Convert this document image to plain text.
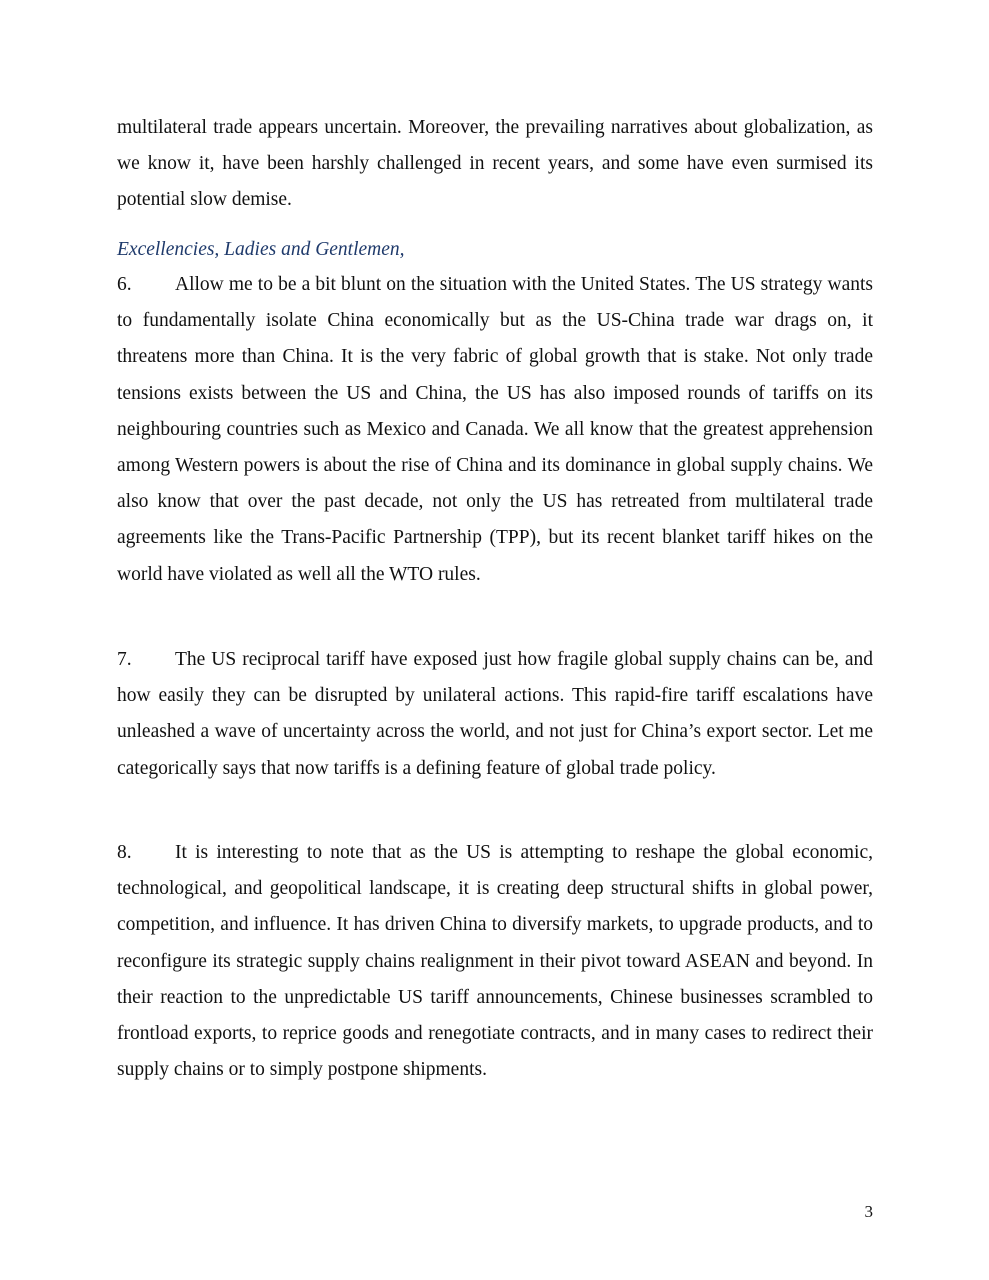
multilateral trade appears uncertain. Moreover, the prevailing narratives about globalization, as we know it, have been harshly challenged in recent years, and some have even surmised its potential slow demise.

Excellencies, Ladies and Gentlemen,

6. Allow me to be a bit blunt on the situation with the United States. The US strategy wants to fundamentally isolate China economically but as the US-China trade war drags on, it threatens more than China. It is the very fabric of global growth that is stake. Not only trade tensions exists between the US and China, the US has also imposed rounds of tariffs on its neighbouring countries such as Mexico and Canada. We all know that the greatest apprehension among Western powers is about the rise of China and its dominance in global supply chains. We also know that over the past decade, not only the US has retreated from multilateral trade agreements like the Trans-Pacific Partnership (TPP), but its recent blanket tariff hikes on the world have violated as well all the WTO rules.

7. The US reciprocal tariff have exposed just how fragile global supply chains can be, and how easily they can be disrupted by unilateral actions. This rapid-fire tariff escalations have unleashed a wave of uncertainty across the world, and not just for China’s export sector. Let me categorically says that now tariffs is a defining feature of global trade policy.

8. It is interesting to note that as the US is attempting to reshape the global economic, technological, and geopolitical landscape, it is creating deep structural shifts in global power, competition, and influence. It has driven China to diversify markets, to upgrade products, and to reconfigure its strategic supply chains realignment in their pivot toward ASEAN and beyond. In their reaction to the unpredictable US tariff announcements, Chinese businesses scrambled to frontload exports, to reprice goods and renegotiate contracts, and in many cases to redirect their supply chains or to simply postpone shipments.

3
